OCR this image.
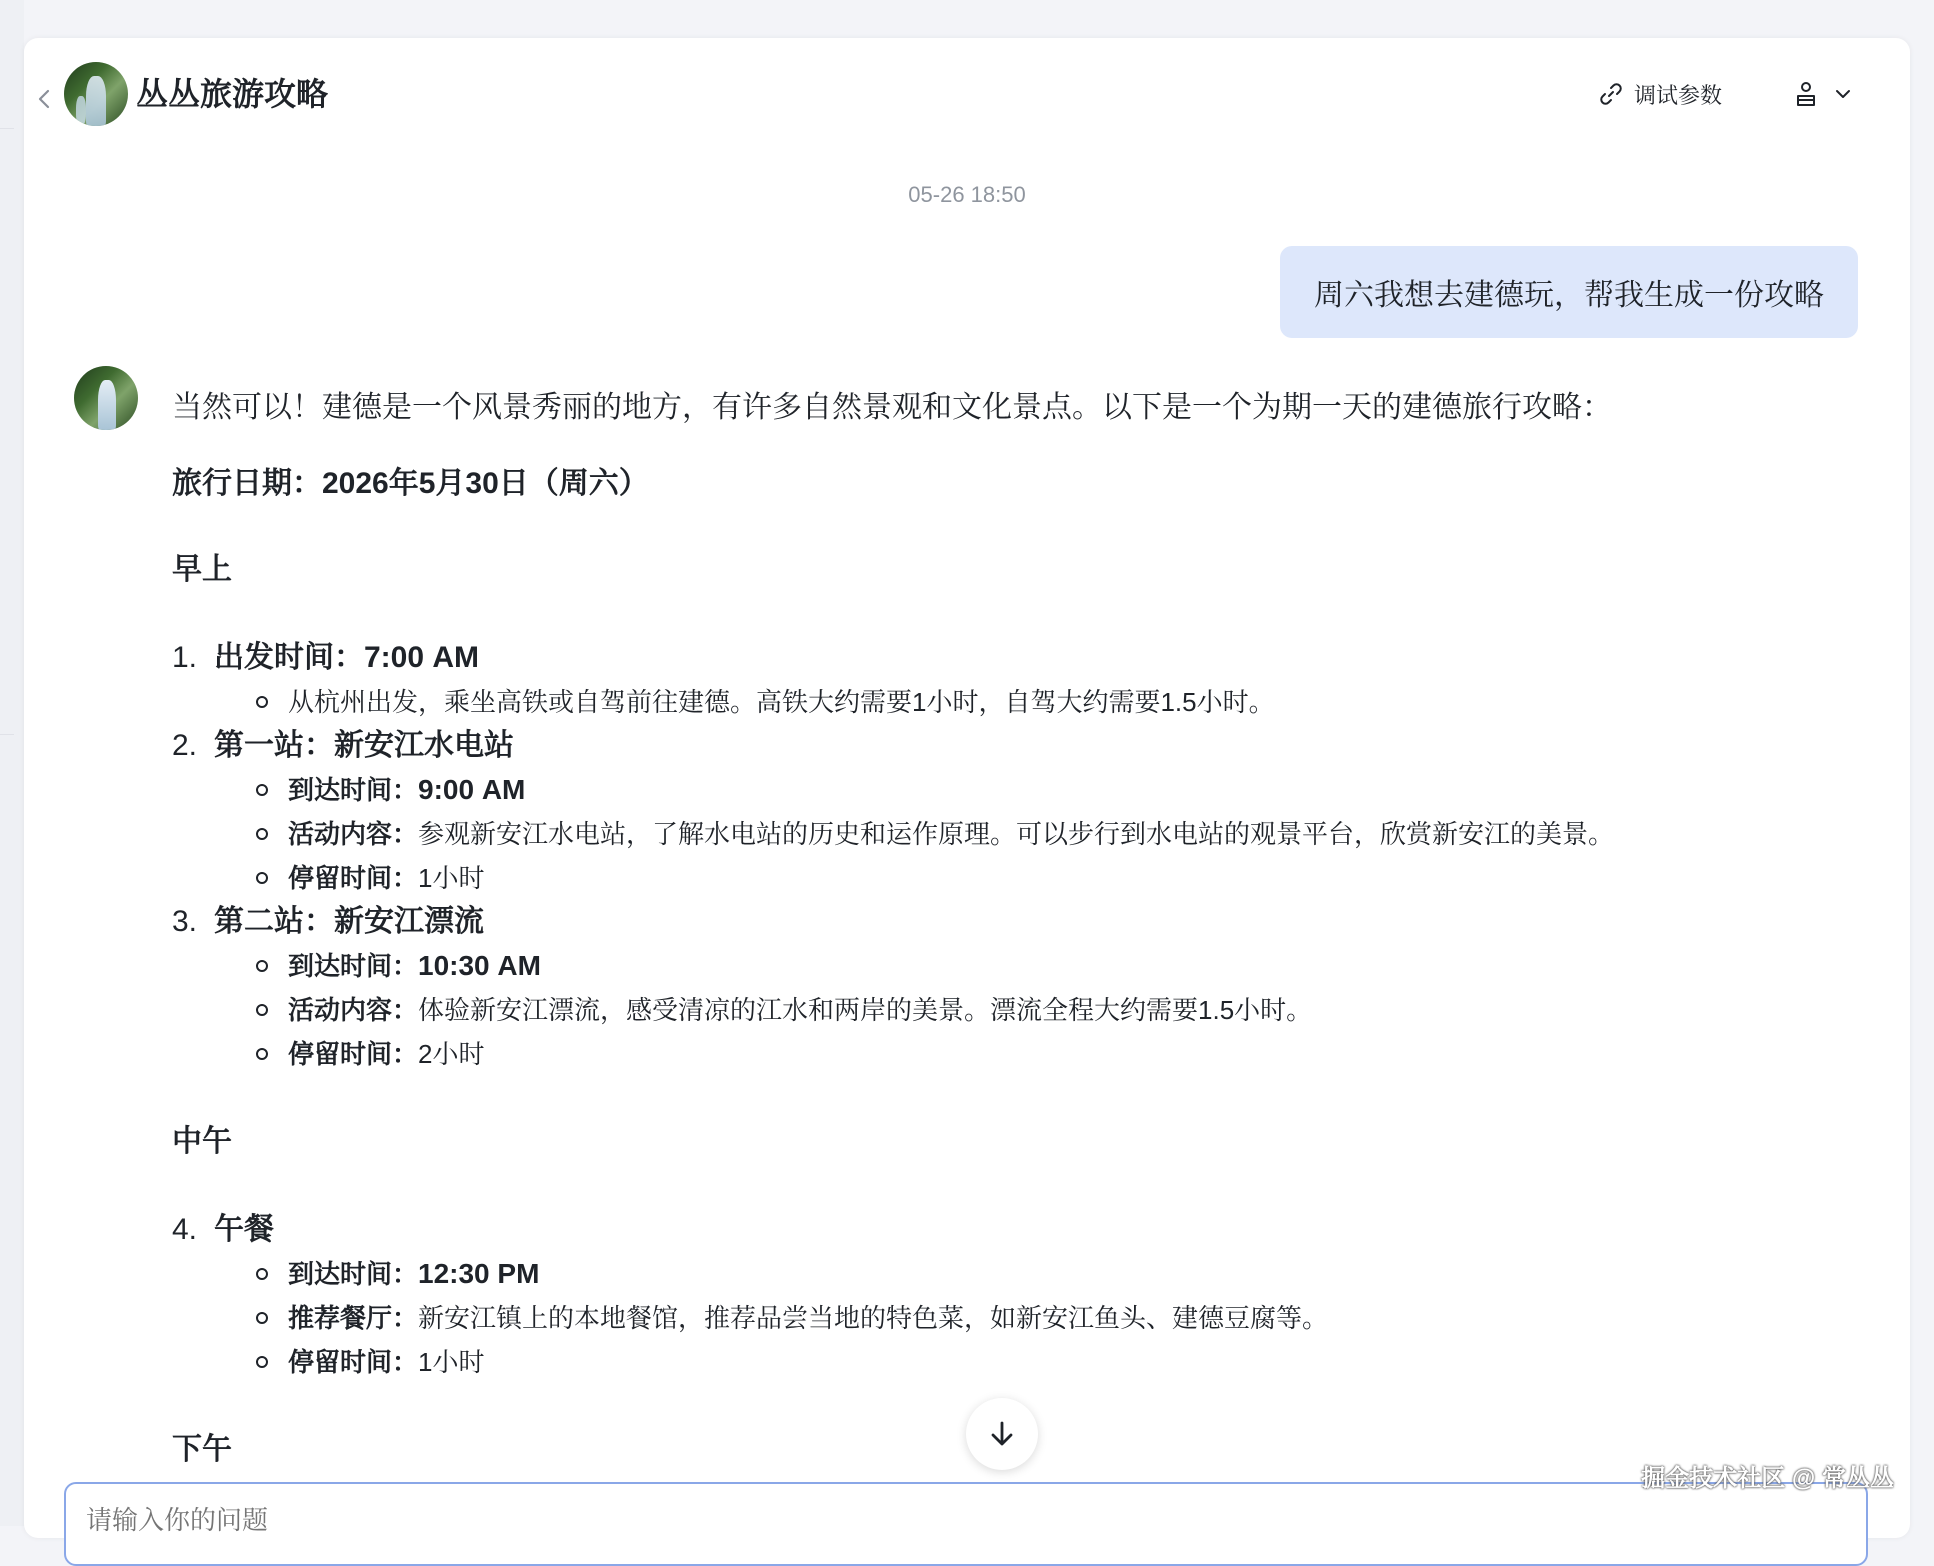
丛丛旅游攻略	调试参数
05-26 18:50
周六我想去建德玩，帮我生成一份攻略

当然可以！建德是一个风景秀丽的地方，有许多自然景观和文化景点。以下是一个为期一天的建德旅行攻略：

旅行日期：2026年5月30日（周六）

早上
1. 出发时间：7:00 AM
从杭州出发，乘坐高铁或自驾前往建德。高铁大约需要1小时，自驾大约需要1.5小时。
2. 第一站：新安江水电站
到达时间：9:00 AM
活动内容：参观新安江水电站，了解水电站的历史和运作原理。可以步行到水电站的观景平台，欣赏新安江的美景。
停留时间：1小时
3. 第二站：新安江漂流
到达时间：10:30 AM
活动内容：体验新安江漂流，感受清凉的江水和两岸的美景。漂流全程大约需要1.5小时。
停留时间：2小时
中午
4. 午餐
到达时间：12:30 PM
推荐餐厅：新安江镇上的本地餐馆，推荐品尝当地的特色菜，如新安江鱼头、建德豆腐等。
停留时间：1小时
下午
请输入你的问题
掘金技术社区 @ 常丛丛
